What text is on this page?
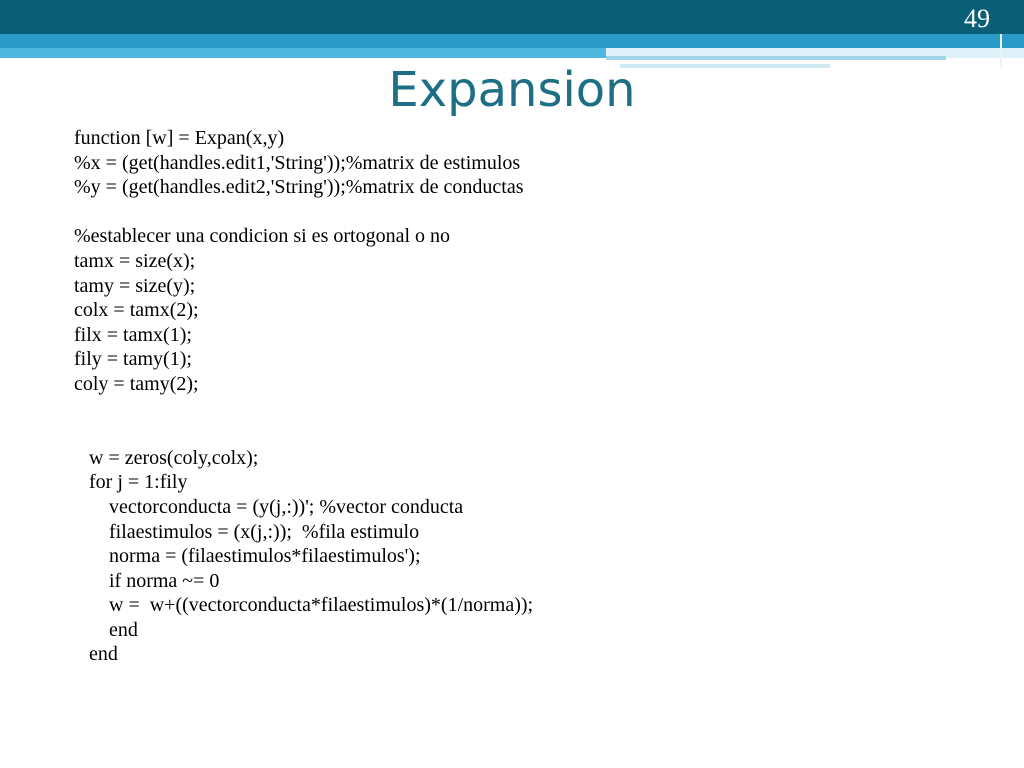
49
Expansion
function [w] = Expan(x,y)
%x = (get(handles.edit1,'String'));%matrix de estimulos
%y = (get(handles.edit2,'String'));%matrix de conductas
%establecer una condicion si es ortogonal o no
tamx = size(x);
tamy = size(y);
colx = tamx(2);
filx = tamx(1);
fily = tamy(1);
coly = tamy(2);
w = zeros(coly,colx);
for j = 1:fily
vectorconducta = (y(j,:))'; %vector conducta
filaestimulos = (x(j,:));  %fila estimulo
norma = (filaestimulos*filaestimulos');
if norma ~= 0
w =  w+((vectorconducta*filaestimulos)*(1/norma));
end
end
